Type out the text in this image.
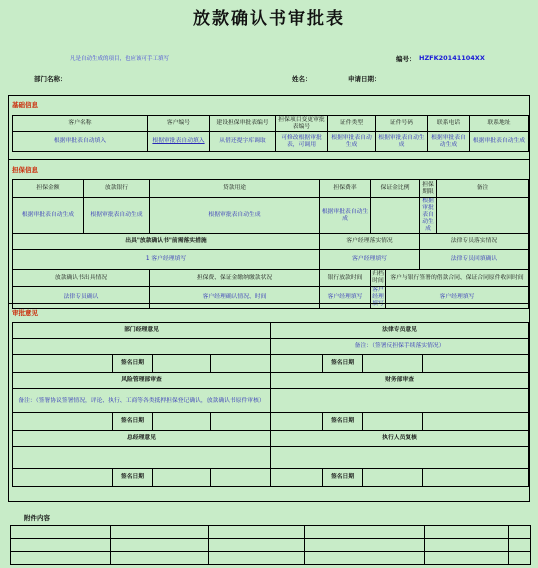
放款确认书审批表
凡是自动生成的项目，也应该可手工填写	编号： HZFK20141104XX
部门名称：	姓名：	申请日期：
基础信息
客户名称	客户编号	建设担保审批表编号	担保项目变更审批表编号	证件类型	证件号码	联系电话	联系地址
根据审批表自动填入	根据审批表自动填入	从借还提字库调取	可修改根据审批表，可调用	根据审批表自动生成	根据审批表自动生成	根据审批表自动生成	根据审批表自动生成
担保信息
担保金额	放款银行	贷款用途	担保费率	保证金比例		担保期限	备注
根据审批表自动生成	根据审批表自动生成	根据审批表自动生成	根据审批表自动生成			根据审批表自动生成	
出具"放款确认书"前需落实措施			客户经理落实情况			法律专员落实情况	
1 客户经理填写			客户经理填写			法律专员回填确认	
放款确认书出具情况		担保费、保证金缴纳缴款状况	银行放款时间	归档时间	客户与银行签署的借款合同、保证合同原件收回时间		
法律专员确认		客户经理确认情况、时间	客户经理填写	客户经理填写	客户经理填写		
审批意见
部门经理意见				法律专员意见			
				备注：（签署反担保手续落实情况）			
	签名日期				签名日期		
风险管理部审查				财务部审查			
备注：（签署协议签署情况，评论、执行、工商等各类抵押担保登记确认，放款确认书原件审核）							
	签名日期				签名日期		
总经理意见				执行人员复核			

	签名日期				签名日期		
附件内容
